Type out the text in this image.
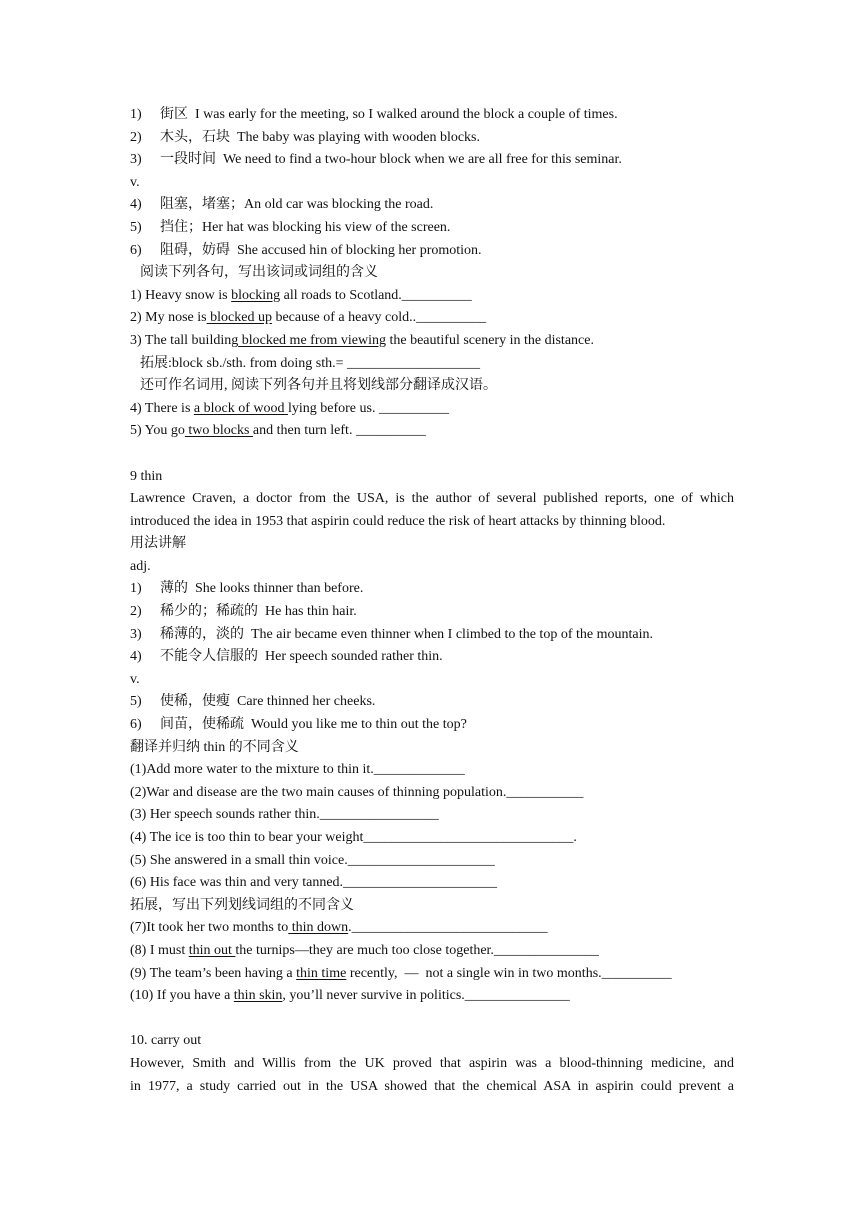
1) 街区  I was early for the meeting, so I walked around the block a couple of times.
2) 木头，石块  The baby was playing with wooden blocks.
3) 一段时间  We need to find a two-hour block when we are all free for this seminar.
v.
4) 阻塞，堵塞；An old car was blocking the road.
5) 挡住；Her hat was blocking his view of the screen.
6) 阻碍，妨碍  She accused hin of blocking her promotion.
阅读下列各句，写出该词或词组的含义
1) Heavy snow is blocking all roads to Scotland.__________
2) My nose is blocked up because of a heavy cold..__________
3) The tall building blocked me from viewing the beautiful scenery in the distance.
拓展:block sb./sth. from doing sth.= ___________________
还可作名词用, 阅读下列各句并且将划线部分翻译成汉语。
4) There is a block of wood lying before us. __________
5) You go two blocks and then turn left. __________
9 thin
Lawrence Craven, a doctor from the USA, is the author of several published reports, one of which
introduced the idea in 1953 that aspirin could reduce the risk of heart attacks by thinning blood.
用法讲解
adj.
1) 薄的  She looks thinner than before.
2) 稀少的；稀疏的  He has thin hair.
3) 稀薄的，淡的  The air became even thinner when I climbed to the top of the mountain.
4) 不能令人信服的  Her speech sounded rather thin.
v.
5) 使稀，使瘦  Care thinned her cheeks.
6) 间苗，使稀疏  Would you like me to thin out the top?
翻译并归纳 thin 的不同含义
(1)Add more water to the mixture to thin it._____________
(2)War and disease are the two main causes of thinning population.___________
(3) Her speech sounds rather thin._________________
(4) The ice is too thin to bear your weight______________________________.
(5) She answered in a small thin voice._____________________
(6) His face was thin and very tanned.______________________
拓展，写出下列划线词组的不同含义
(7)It took her two months to thin down.____________________________
(8) I must thin out the turnips—they are much too close together._______________
(9) The team’s been having a thin time recently,  —  not a single win in two months.__________
(10) If you have a thin skin, you’ll never survive in politics._______________
10. carry out
However, Smith and Willis from the UK proved that aspirin was a blood-thinning medicine, and
in 1977, a study carried out in the USA showed that the chemical ASA in aspirin could prevent a
